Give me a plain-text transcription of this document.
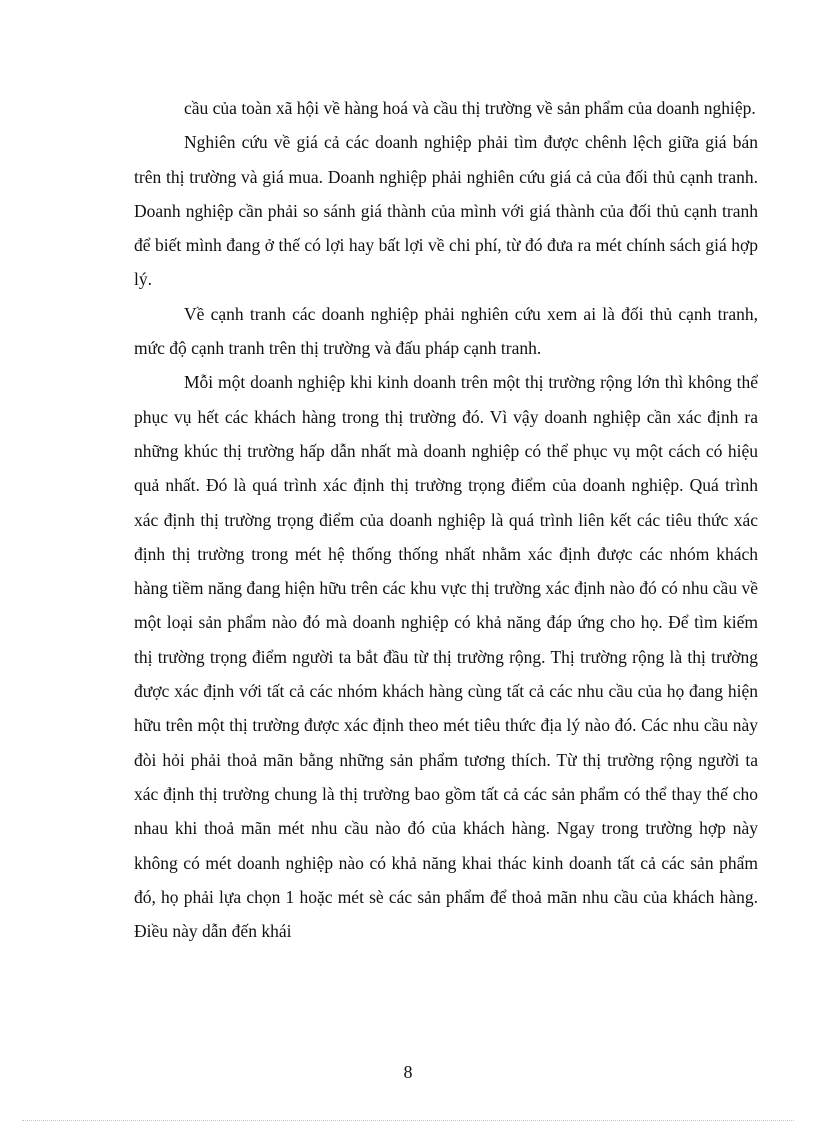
cầu của toàn xã hội về hàng hoá và cầu thị trường về sản phẩm của doanh nghiệp.

Nghiên cứu về giá cả các doanh nghiệp phải tìm được chênh lệch giữa giá bán trên thị trường và giá mua. Doanh nghiệp phải nghiên cứu giá cả của đối thủ cạnh tranh. Doanh nghiệp cần phải so sánh giá thành của mình với giá thành của đối thủ cạnh tranh để biết mình đang ở thế có lợi hay bất lợi về chi phí, từ đó đưa ra mét chính sách giá hợp lý.

Về cạnh tranh các doanh nghiệp phải nghiên cứu xem ai là đối thủ cạnh tranh, mức độ cạnh tranh trên thị trường và đấu pháp cạnh tranh.

Mỗi một doanh nghiệp khi kinh doanh trên một thị trường rộng lớn thì không thể phục vụ hết các khách hàng trong thị trường đó. Vì vậy doanh nghiệp cần xác định ra những khúc thị trường hấp dẫn nhất mà doanh nghiệp có thể phục vụ một cách có hiệu quả nhất. Đó là quá trình xác định thị trường trọng điểm của doanh nghiệp. Quá trình xác định thị trường trọng điểm của doanh nghiệp là quá trình liên kết các tiêu thức xác định thị trường trong mét hệ thống thống nhất nhằm xác định được các nhóm khách hàng tiềm năng đang hiện hữu trên các khu vực thị trường xác định nào đó có nhu cầu về một loại sản phẩm nào đó mà doanh nghiệp có khả năng đáp ứng cho họ. Để tìm kiếm thị trường trọng điểm người ta bắt đầu từ thị trường rộng. Thị trường rộng là thị trường được xác định với tất cả các nhóm khách hàng cùng tất cả các nhu cầu của họ đang hiện hữu trên một thị trường được xác định theo mét tiêu thức địa lý nào đó. Các nhu cầu này đòi hỏi phải thoả mãn bằng những sản phẩm tương thích. Từ thị trường rộng người ta xác định thị trường chung là thị trường bao gồm tất cả các sản phẩm có thể thay thế cho nhau khi thoả mãn mét nhu cầu nào đó của khách hàng. Ngay trong trường hợp này không có mét doanh nghiệp nào có khả năng khai thác kinh doanh tất cả các sản phẩm đó, họ phải lựa chọn 1 hoặc mét sè các sản phẩm để thoả mãn nhu cầu của khách hàng. Điều này dẫn đến khái

8
